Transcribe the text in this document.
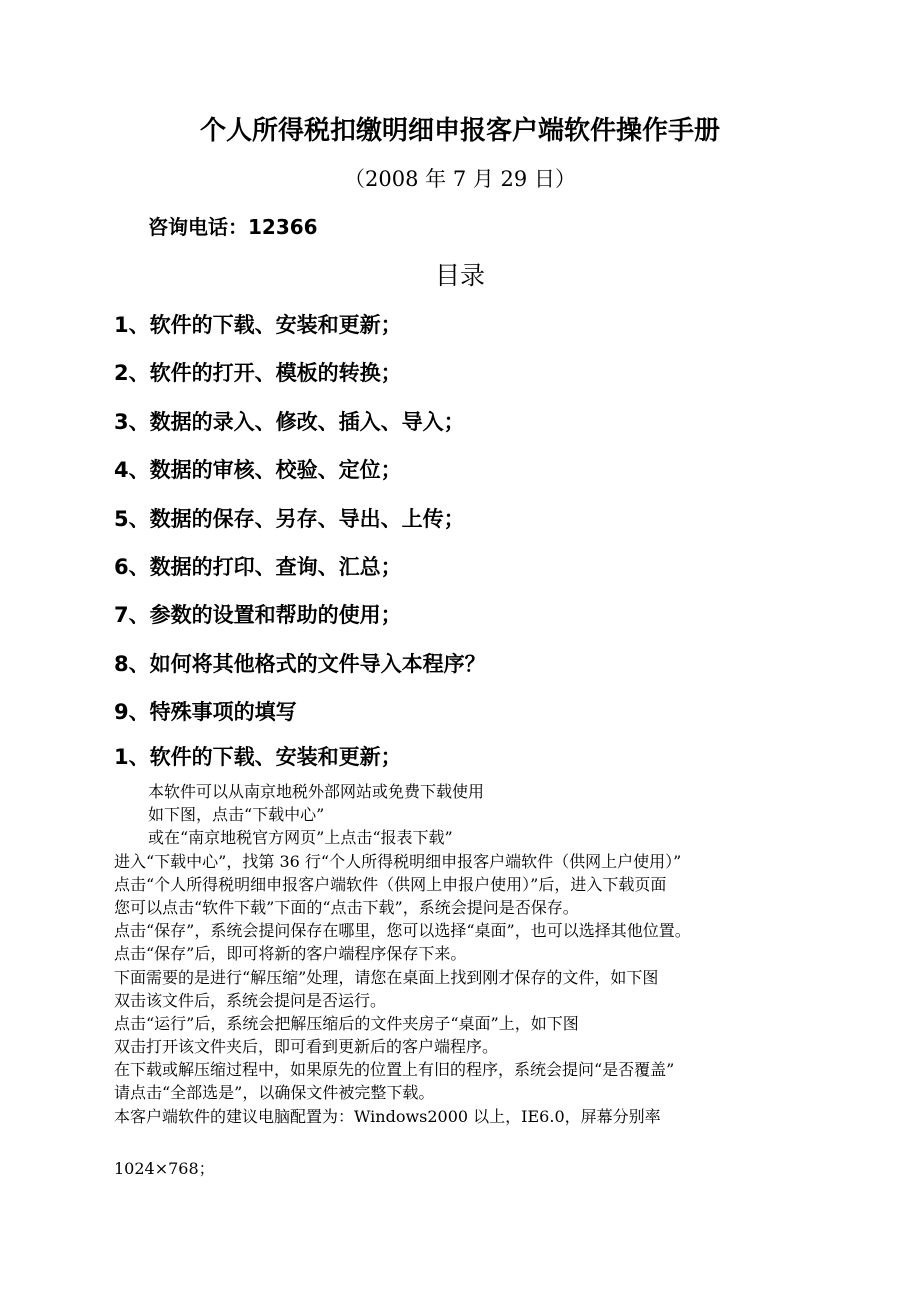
个人所得税扣缴明细申报客户端软件操作手册
（2008 年 7 月 29 日）
咨询电话：12366
目录
1、软件的下载、安装和更新；
2、软件的打开、模板的转换；
3、数据的录入、修改、插入、导入；
4、数据的审核、校验、定位；
5、数据的保存、另存、导出、上传；
6、数据的打印、查询、汇总；
7、参数的设置和帮助的使用；
8、如何将其他格式的文件导入本程序？
9、特殊事项的填写
1、软件的下载、安装和更新；

本软件可以从南京地税外部网站或免费下载使用

如下图，点击“下载中心”

或在“南京地税官方网页”上点击“报表下载”

进入“下载中心”，找第 36 行“个人所得税明细申报客户端软件（供网上户使用）”

点击“个人所得税明细申报客户端软件（供网上申报户使用）”后，进入下载页面

您可以点击“软件下载”下面的“点击下载”，系统会提问是否保存。

点击“保存”，系统会提问保存在哪里，您可以选择“桌面”，也可以选择其他位置。

点击“保存”后，即可将新的客户端程序保存下来。

下面需要的是进行“解压缩”处理，请您在桌面上找到刚才保存的文件，如下图

双击该文件后，系统会提问是否运行。

点击“运行”后，系统会把解压缩后的文件夹房子“桌面”上，如下图

双击打开该文件夹后，即可看到更新后的客户端程序。

在下载或解压缩过程中，如果原先的位置上有旧的程序，系统会提问“是否覆盖”

请点击“全部选是”，以确保文件被完整下载。

本客户端软件的建议电脑配置为：Windows2000 以上，IE6.0，屏幕分别率

1024×768；
